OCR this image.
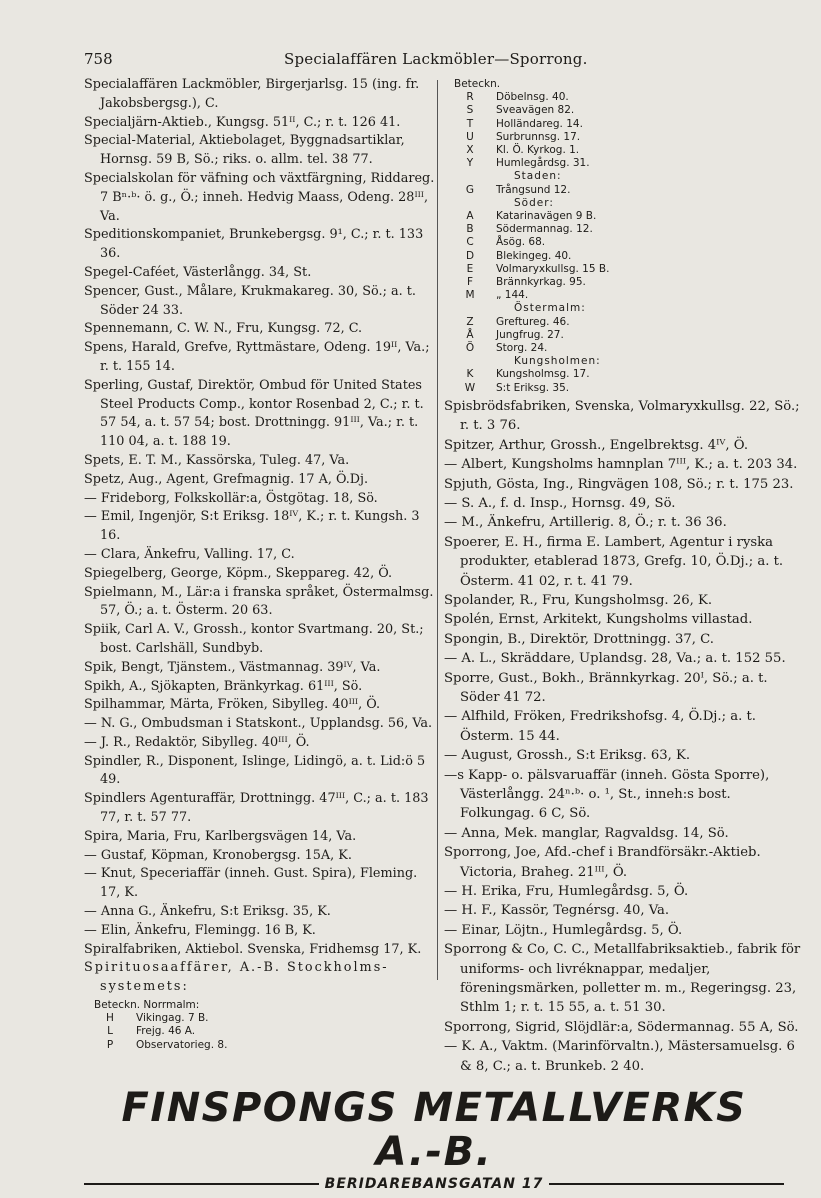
758	Specialaffären Lackmöbler—Sporrong.

Specialaffären Lackmöbler, Birgerjarlsg. 15 (ing. fr. Jakobsbergsg.), C.

Specialjärn-Aktieb., Kungsg. 51ᴵᴵ, C.; r. t. 126 41.

Special-Material, Aktiebolaget, Byggnadsartiklar, Hornsg. 59 B, Sö.; riks. o. allm. tel. 38 77.

Specialskolan för väfning och växtfärgning, Riddareg. 7 Bⁿ·ᵇ· ö. g., Ö.; inneh. Hedvig Maass, Odeng. 28ᴵᴵᴵ, Va.

Speditionskompaniet, Brunkebergsg. 9¹, C.; r. t. 133 36.

Spegel-Caféet, Västerlångg. 34, St.

Spencer, Gust., Målare, Krukmakareg. 30, Sö.; a. t. Söder 24 33.

Spennemann, C. W. N., Fru, Kungsg. 72, C.

Spens, Harald, Grefve, Ryttmästare, Odeng. 19ᴵᴵ, Va.; r. t. 155 14.

Sperling, Gustaf, Direktör, Ombud för United States Steel Products Comp., kontor Rosenbad 2, C.; r. t. 57 54, a. t. 57 54; bost. Drottningg. 91ᴵᴵᴵ, Va.; r. t. 110 04, a. t. 188 19.

Spets, E. T. M., Kassörska, Tuleg. 47, Va.

Spetz, Aug., Agent, Grefmagnig. 17 A, Ö.Dj.

— Frideborg, Folkskollär:a, Östgötag. 18, Sö.

— Emil, Ingenjör, S:t Eriksg. 18ᴵⱽ, K.; r. t. Kungsh. 3 16.

— Clara, Änkefru, Valling. 17, C.

Spiegelberg, George, Köpm., Skeppareg. 42, Ö.

Spielmann, M., Lär:a i franska språket, Östermalmsg. 57, Ö.; a. t. Österm. 20 63.

Spiik, Carl A. V., Grossh., kontor Svartmang. 20, St.; bost. Carlshäll, Sundbyb.

Spik, Bengt, Tjänstem., Västmannag. 39ᴵⱽ, Va.

Spikh, A., Sjökapten, Bränkyrkag. 61ᴵᴵᴵ, Sö.

Spilhammar, Märta, Fröken, Sibylleg. 40ᴵᴵᴵ, Ö.

— N. G., Ombudsman i Statskont., Upplandsg. 56, Va.

— J. R., Redaktör, Sibylleg. 40ᴵᴵᴵ, Ö.

Spindler, R., Disponent, Islinge, Lidingö, a. t. Lid:ö 5 49.

Spindlers Agenturaffär, Drottningg. 47ᴵᴵᴵ, C.; a. t. 183 77, r. t. 57 77.

Spira, Maria, Fru, Karlbergsvägen 14, Va.

— Gustaf, Köpman, Kronobergsg. 15A, K.

— Knut, Speceriaffär (inneh. Gust. Spira), Fleming. 17, K.

— Anna G., Änkefru, S:t Eriksg. 35, K.

— Elin, Änkefru, Flemingg. 16 B, K.

Spiralfabriken, Aktiebol. Svenska, Fridhemsg 17, K.

Spirituosaaffärer, A.-B. Stockholms-systemets:

Beteckn. Norrmalm:
H	Vikingag. 7 B.
L	Frejg. 46 A.
P	Observatorieg. 8.
Beteckn.
R	Döbelnsg. 40.
S	Sveavägen 82.
T	Holländareg. 14.
U	Surbrunnsg. 17.
X	Kl. Ö. Kyrkog. 1.
Y	Humlegårdsg. 31.
Staden:
G	Trångsund 12.
Söder:
A	Katarinavägen 9 B.
B	Södermannag. 12.
C	Åsög. 68.
D	Blekingeg. 40.
E	Volmaryxkullsg. 15 B.
F	Brännkyrkag. 95.
M	„ 144.
Östermalm:
Z	Greftureg. 46.
Å	Jungfrug. 27.
Ö	Storg. 24.
Kungsholmen:
K	Kungsholmsg. 17.
W	S:t Eriksg. 35.

Spisbrödsfabriken, Svenska, Volmaryxkullsg. 22, Sö.; r. t. 3 76.

Spitzer, Arthur, Grossh., Engelbrektsg. 4ᴵⱽ, Ö.

— Albert, Kungsholms hamnplan 7ᴵᴵᴵ, K.; a. t. 203 34.

Spjuth, Gösta, Ing., Ringvägen 108, Sö.; r. t. 175 23.

— S. A., f. d. Insp., Hornsg. 49, Sö.

— M., Änkefru, Artillerig. 8, Ö.; r. t. 36 36.

Spoerer, E. H., firma E. Lambert, Agentur i ryska produkter, etablerad 1873, Grefg. 10, Ö.Dj.; a. t. Österm. 41 02, r. t. 41 79.

Spolander, R., Fru, Kungsholmsg. 26, K.

Spolén, Ernst, Arkitekt, Kungsholms villastad.

Spongin, B., Direktör, Drottningg. 37, C.

— A. L., Skräddare, Uplandsg. 28, Va.; a. t. 152 55.

Sporre, Gust., Bokh., Brännkyrkag. 20ᴵ, Sö.; a. t. Söder 41 72.

— Alfhild, Fröken, Fredrikshofsg. 4, Ö.Dj.; a. t. Österm. 15 44.

— August, Grossh., S:t Eriksg. 63, K.

—s Kapp- o. pälsvaruaffär (inneh. Gösta Sporre), Västerlångg. 24ⁿ·ᵇ· o. ¹, St., inneh:s bost. Folkungag. 6 C, Sö.

— Anna, Mek. manglar, Ragvaldsg. 14, Sö.

Sporrong, Joe, Afd.-chef i Brandförsäkr.-Aktieb. Victoria, Braheg. 21ᴵᴵᴵ, Ö.

— H. Erika, Fru, Humlegårdsg. 5, Ö.

— H. F., Kassör, Tegnérsg. 40, Va.

— Einar, Löjtn., Humlegårdsg. 5, Ö.

Sporrong & Co, C. C., Metallfabriksaktieb., fabrik för uniforms- och livréknappar, medaljer, föreningsmärken, polletter m. m., Regeringsg. 23, Sthlm 1; r. t. 15 55, a. t. 51 30.

Sporrong, Sigrid, Slöjdlär:a, Södermannag. 55 A, Sö.

— K. A., Vaktm. (Marinförvaltn.), Mästersamuelsg. 6 & 8, C.; a. t. Brunkeb. 2 40.

FINSPONGS METALLVERKS A.-B.
BERIDAREBANSGATAN 17
